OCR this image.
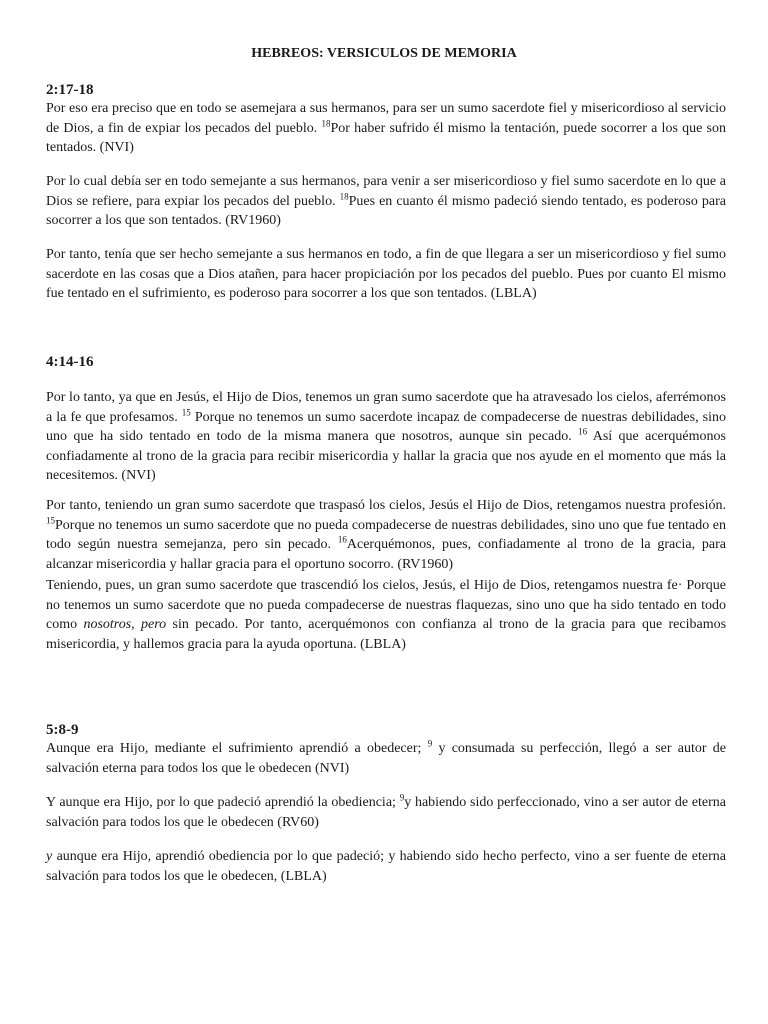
HEBREOS: VERSICULOS DE MEMORIA
2:17-18

Por eso era preciso que en todo se asemejara a sus hermanos, para ser un sumo sacerdote fiel y misericordioso al servicio de Dios, a fin de expiar los pecados del pueblo. $^{18}$Por haber sufrido él mismo la tentación, puede socorrer a los que son tentados. (NVI)

Por lo cual debía ser en todo semejante a sus hermanos, para venir a ser misericordioso y fiel sumo sacerdote en lo que a Dios se refiere, para expiar los pecados del pueblo. $^{18}$Pues en cuanto él mismo padeció siendo tentado, es poderoso para socorrer a los que son tentados. (RV1960)

Por tanto, tenía que ser hecho semejante a sus hermanos en todo, a fin de que llegara a ser un misericordioso y fiel sumo sacerdote en las cosas que a Dios atañen, para hacer propiciación por los pecados del pueblo. Pues por cuanto El mismo fue tentado en el sufrimiento, es poderoso para socorrer a los que son tentados. (LBLA)

4:14-16

Por lo tanto, ya que en Jesús, el Hijo de Dios, tenemos un gran sumo sacerdote que ha atravesado los cielos, aferrémonos a la fe que profesamos. $^{15}$ Porque no tenemos un sumo sacerdote incapaz de compadecerse de nuestras debilidades, sino uno que ha sido tentado en todo de la misma manera que nosotros, aunque sin pecado. $^{16}$ Así que acerquémonos confiadamente al trono de la gracia para recibir misericordia y hallar la gracia que nos ayude en el momento que más la necesitemos. (NVI)

Por tanto, teniendo un gran sumo sacerdote que traspasó los cielos, Jesús el Hijo de Dios, retengamos nuestra profesión. $^{15}$Porque no tenemos un sumo sacerdote que no pueda compadecerse de nuestras debilidades, sino uno que fue tentado en todo según nuestra semejanza, pero sin pecado. $^{16}$Acerquémonos, pues, confiadamente al trono de la gracia, para alcanzar misericordia y hallar gracia para el oportuno socorro. (RV1960)

Teniendo, pues, un gran sumo sacerdote que trascendió los cielos, Jesús, el Hijo de Dios, retengamos nuestra fe· Porque no tenemos un sumo sacerdote que no pueda compadecerse de nuestras flaquezas, sino uno que ha sido tentado en todo como nosotros, pero sin pecado. Por tanto, acerquémonos con confianza al trono de la gracia para que recibamos misericordia, y hallemos gracia para la ayuda oportuna. (LBLA)

5:8-9

Aunque era Hijo, mediante el sufrimiento aprendió a obedecer; $^9$ y consumada su perfección, llegó a ser autor de salvación eterna para todos los que le obedecen (NVI)

Y aunque era Hijo, por lo que padeció aprendió la obediencia; $^9$y habiendo sido perfeccionado, vino a ser autor de eterna salvación para todos los que le obedecen (RV60)

y aunque era Hijo, aprendió obediencia por lo que padeció; y habiendo sido hecho perfecto, vino a ser fuente de eterna salvación para todos los que le obedecen, (LBLA)
